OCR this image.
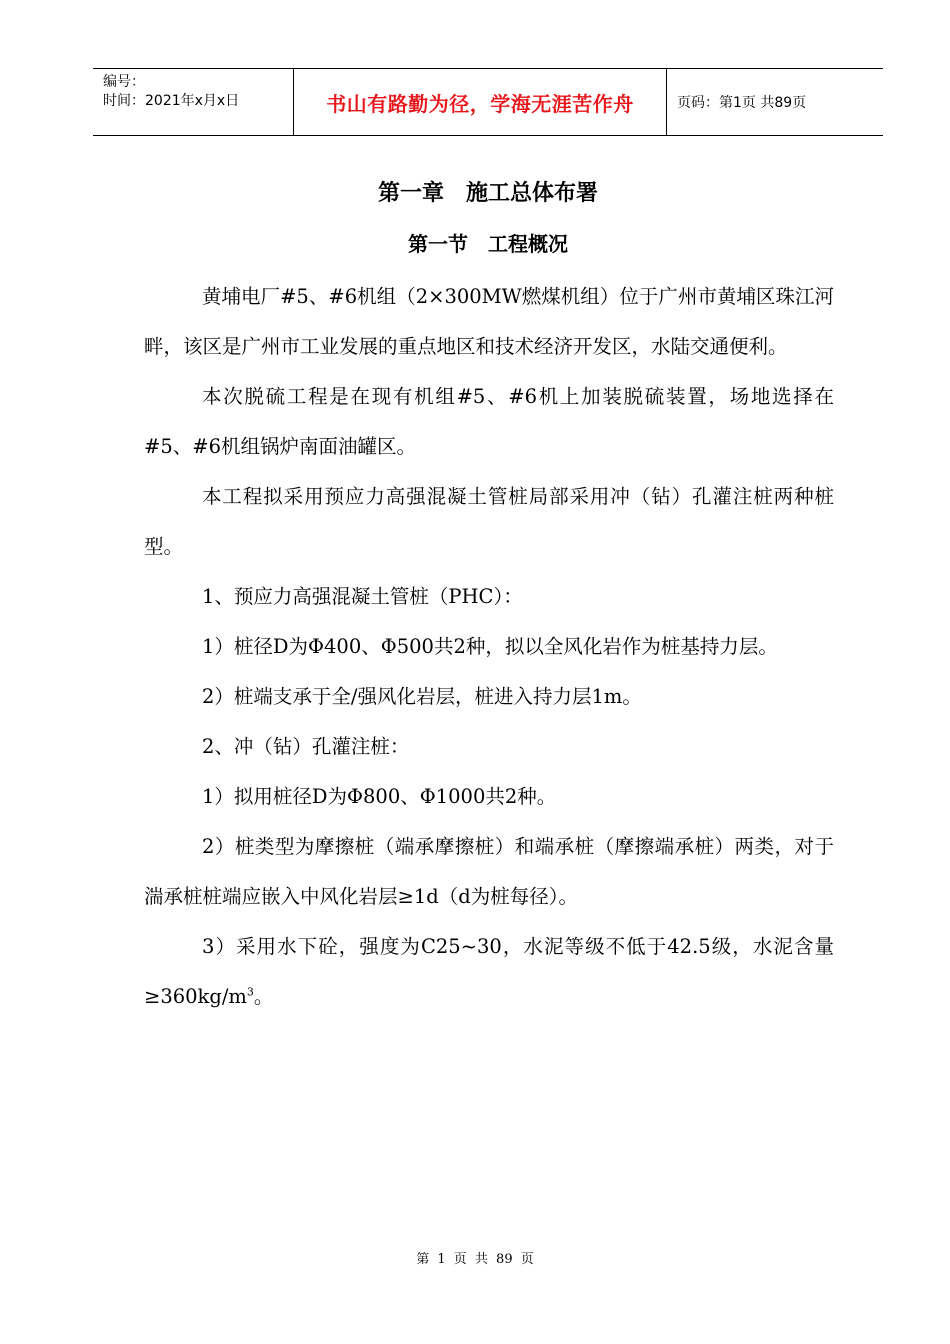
编号：
时间：2021年x月x日	书山有路勤为径，学海无涯苦作舟	页码：第1页 共89页
第一章　施工总体布署
第一节　工程概况

黄埔电厂#5、#6机组（2×300MW燃煤机组）位于广州市黄埔区珠江河畔，该区是广州市工业发展的重点地区和技术经济开发区，水陆交通便利。

本次脱硫工程是在现有机组#5、#6机上加装脱硫装置，场地选择在#5、#6机组锅炉南面油罐区。

本工程拟采用预应力高强混凝土管桩局部采用冲（钻）孔灌注桩两种桩型。

1、预应力高强混凝土管桩（PHC）：

1）桩径D为Φ400、Φ500共2种，拟以全风化岩作为桩基持力层。

2）桩端支承于全/强风化岩层，桩进入持力层1m。

2、冲（钻）孔灌注桩：

1）拟用桩径D为Φ800、Φ1000共2种。

2）桩类型为摩擦桩（端承摩擦桩）和端承桩（摩擦端承桩）两类，对于湍承桩桩端应嵌入中风化岩层≥1d（d为桩每径）。

3）采用水下砼，强度为C25~30，水泥等级不低于42.5级，水泥含量$\ge 360kg/m^3$。

第 1 页 共 89 页
